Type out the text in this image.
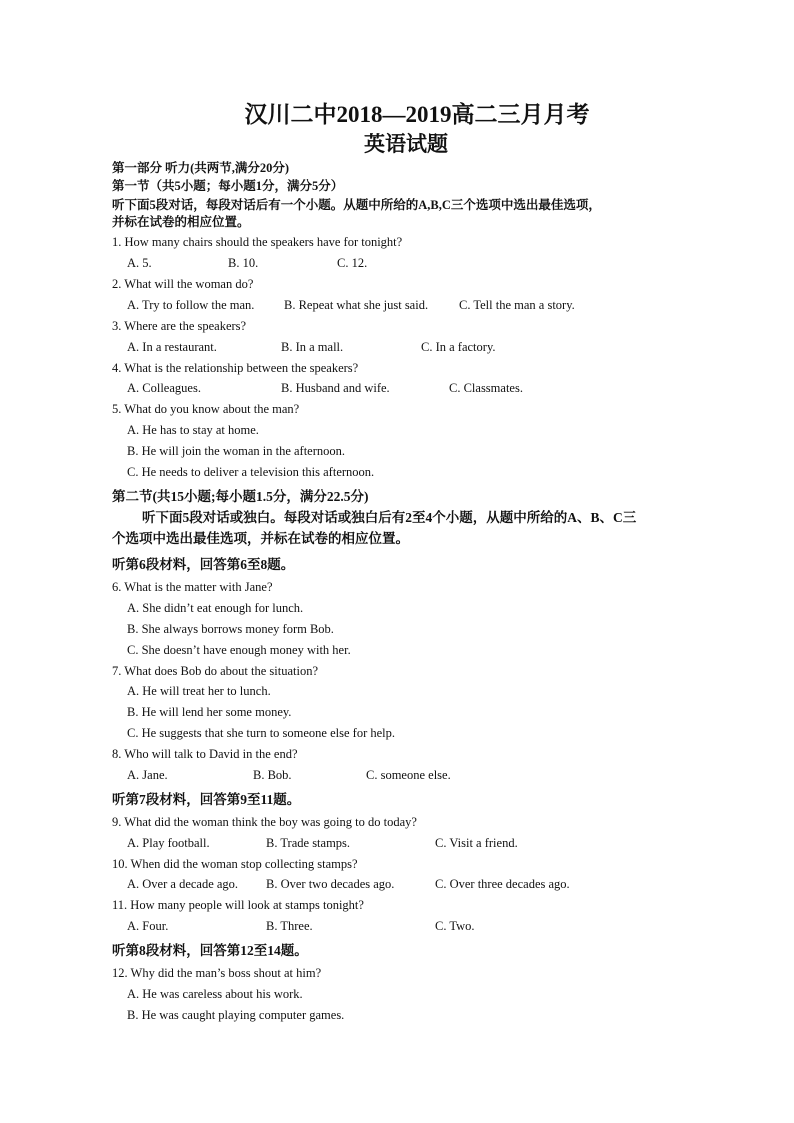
汉川二中2018—2019高二三月月考
英语试题
第一部分 听力(共两节,满分20分)
第一节（共5小题；每小题1分，满分5分）
听下面5段对话，每段对话后有一个小题。从题中所给的A,B,C三个选项中选出最佳选项，
并标在试卷的相应位置。
1. How many chairs should the speakers have for tonight?
A. 5.	B. 10.	C. 12.
2. What will the woman do?
A. Try to follow the man. B. Repeat what she just said. C. Tell the man a story.
3. Where are the speakers?
A. In a restaurant.	B. In a mall.	C. In a factory.
4. What is the relationship between the speakers?
A. Colleagues.	B. Husband and wife.	C. Classmates.
5. What do you know about the man?
A. He has to stay at home.
B. He will join the woman in the afternoon.
C. He needs to deliver a television this afternoon.
第二节(共15小题;每小题1.5分，满分22.5分)
听下面5段对话或独白。每段对话或独白后有2至4个小题，从题中所给的A、B、C三
个选项中选出最佳选项，并标在试卷的相应位置。
听第6段材料，回答第6至8题。
6. What is the matter with Jane?
A. She didn’t eat enough for lunch.
B. She always borrows money form Bob.
C. She doesn’t have enough money with her.
7. What does Bob do about the situation?
A. He will treat her to lunch.
B. He will lend her some money.
C. He suggests that she turn to someone else for help.
8. Who will talk to David in the end?
A. Jane.	B. Bob.	C. someone else.
听第7段材料，回答第9至11题。
9. What did the woman think the boy was going to do today?
A. Play football.	B. Trade stamps.	C. Visit a friend.
10. When did the woman stop collecting stamps?
A. Over a decade ago. B. Over two decades ago.	C. Over three decades ago.
11. How many people will look at stamps tonight?
A. Four.	B. Three.	C. Two.
听第8段材料，回答第12至14题。
12. Why did the man’s boss shout at him?
A. He was careless about his work.
B. He was caught playing computer games.
